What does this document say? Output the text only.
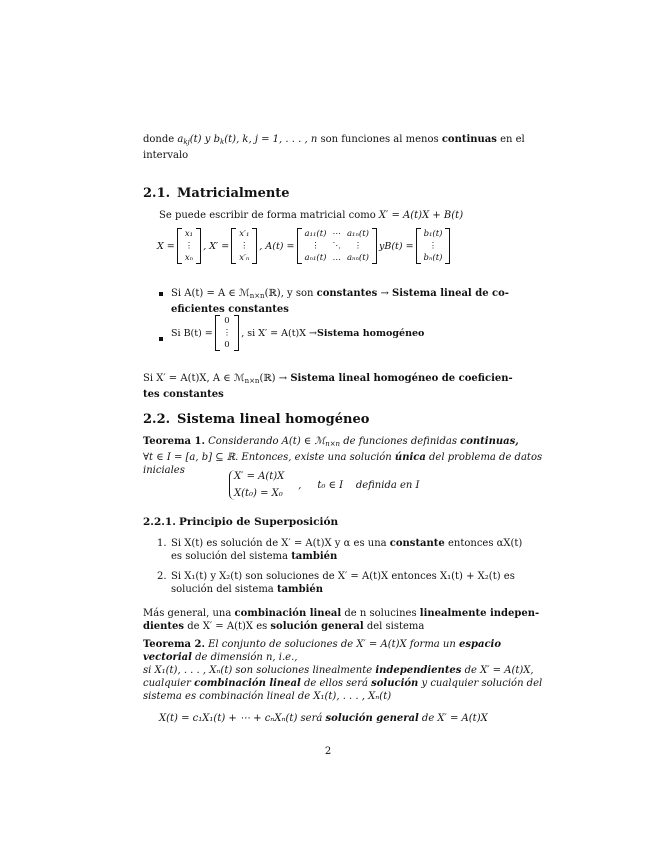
donde $a_{kj}(t)$ y $b_k(t)$, k, j = 1, . . . , n son funciones al menos continuas en el
intervalo
2.1. Matricialmente
Se puede escribir de forma matricial como X′ = A(t)X + B(t)
X =
x₁
⋮
xₙ
, X′ =
x′₁
⋮
x′ₙ
, A(t) =
a₁₁(t)	⋯	a₁ₙ(t)
⋮	⋱	⋮
aₙ₁(t)	…	aₙₙ(t)
yB(t) =
b₁(t)
⋮
bₙ(t)
Si A(t) = A ∈ ℳ$_{n\times n}$(ℝ), y son constantes → Sistema lineal de co-
eficientes constantes
Si B(t) =
0
⋮
0
, si X′ = A(t)X → Sistema homogéneo
Si X′ = A(t)X, A ∈ ℳ$_{n\times n}$(ℝ) → Sistema lineal homogéneo de coeficien-
tes constantes
2.2. Sistema lineal homogéneo
Teorema 1. Considerando A(t) ∈ ℳ$_{n\times n}$ de funciones definidas continuas,
∀t ∈ I = [a, b] ⊆ ℝ. Entonces, existe una solución única del problema de datos
iniciales
X′ = A(t)X
X(t₀) = X₀
,     t₀ ∈ I    definida en I
2.2.1. Principio de Superposición
1. Si X(t) es solución de X′ = A(t)X y α es una constante entonces αX(t)
es solución del sistema también
2. Si X₁(t) y X₂(t) son soluciones de X′ = A(t)X entonces X₁(t) + X₂(t) es
solución del sistema también
Más general, una combinación lineal de n solucines linealmente indepen-
dientes de X′ = A(t)X es solución general del sistema
Teorema 2. El conjunto de soluciones de X′ = A(t)X forma un espacio
vectorial de dimensión n, i.e.,
si X₁(t), . . . , Xₙ(t) son soluciones linealmente independientes de X′ = A(t)X,
cualquier combinación lineal de ellos será solución y cualquier solución del
sistema es combinación lineal de X₁(t), . . . , Xₙ(t)
X(t) = c₁X₁(t) + ⋯ + cₙXₙ(t) será solución general de X′ = A(t)X
2
